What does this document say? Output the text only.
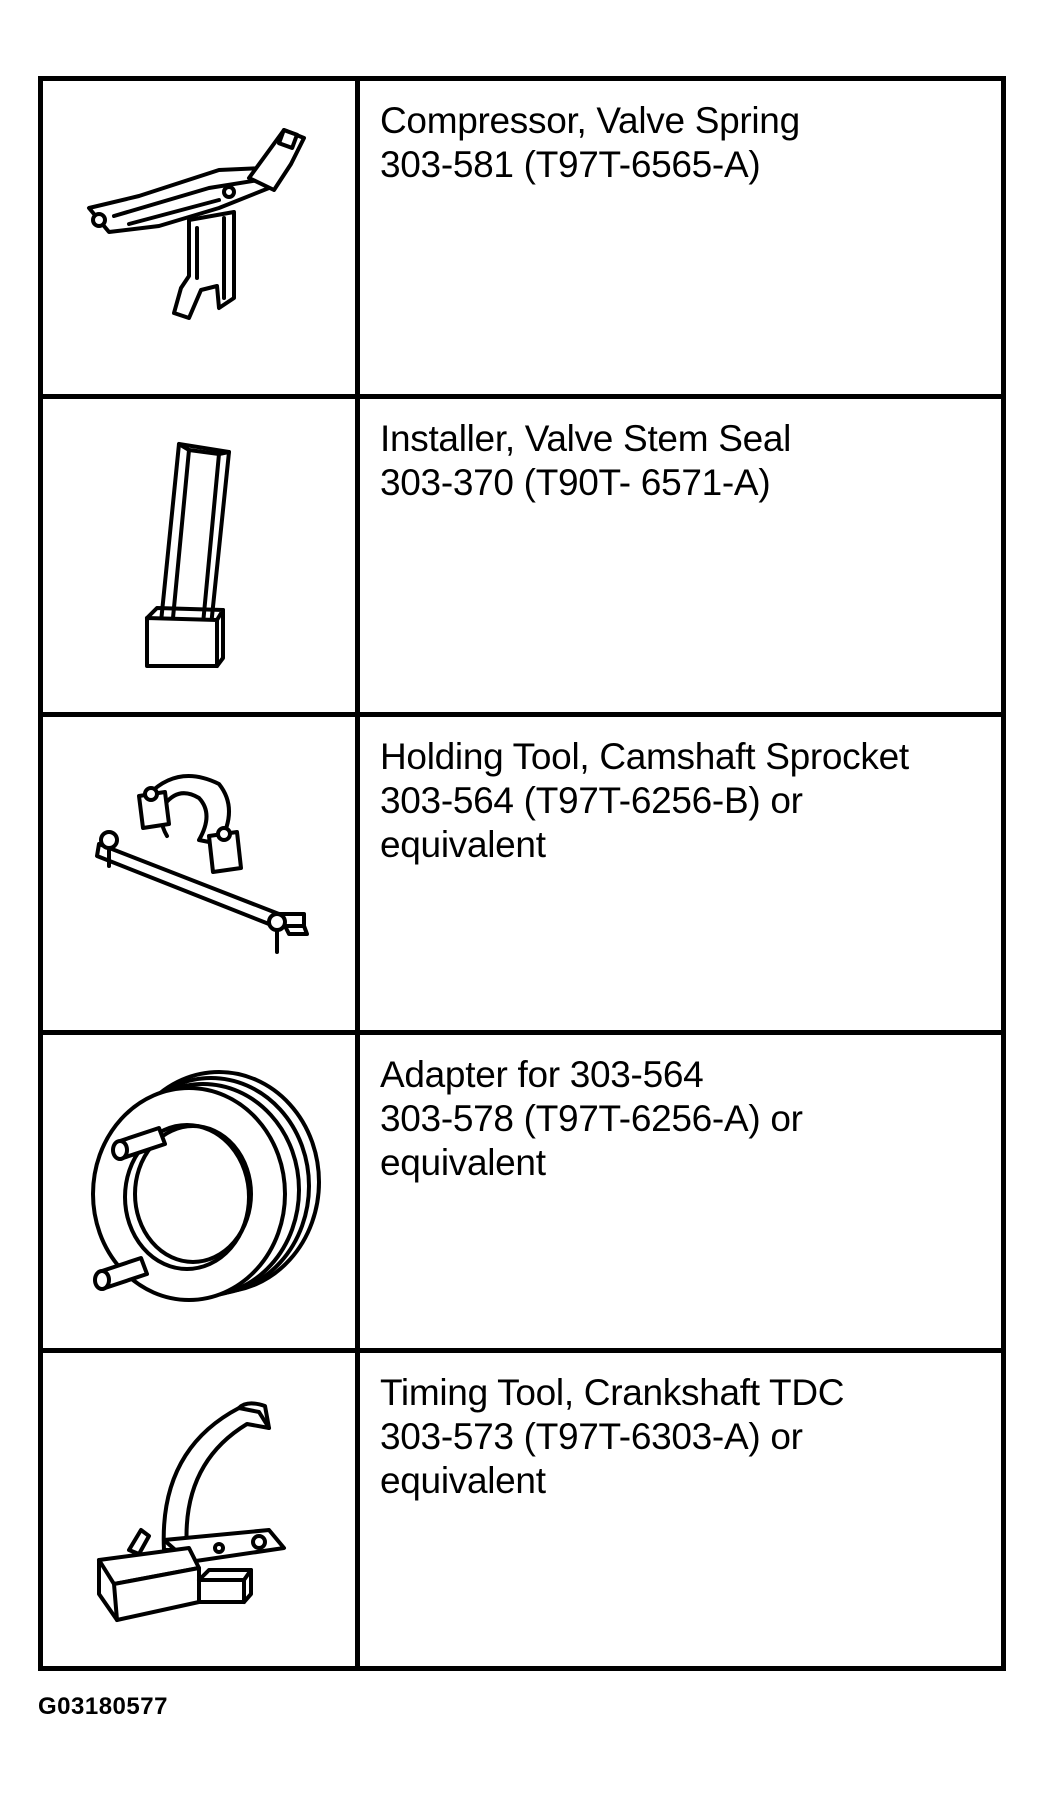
Compressor, Valve Spring
303-581 (T97T-6565-A)
Installer, Valve Stem Seal
303-370 (T90T- 6571-A)
Holding Tool, Camshaft Sprocket
303-564 (T97T-6256-B) or
equivalent
Adapter for 303-564
303-578 (T97T-6256-A) or
equivalent
Timing Tool, Crankshaft TDC
303-573 (T97T-6303-A) or
equivalent
G03180577
